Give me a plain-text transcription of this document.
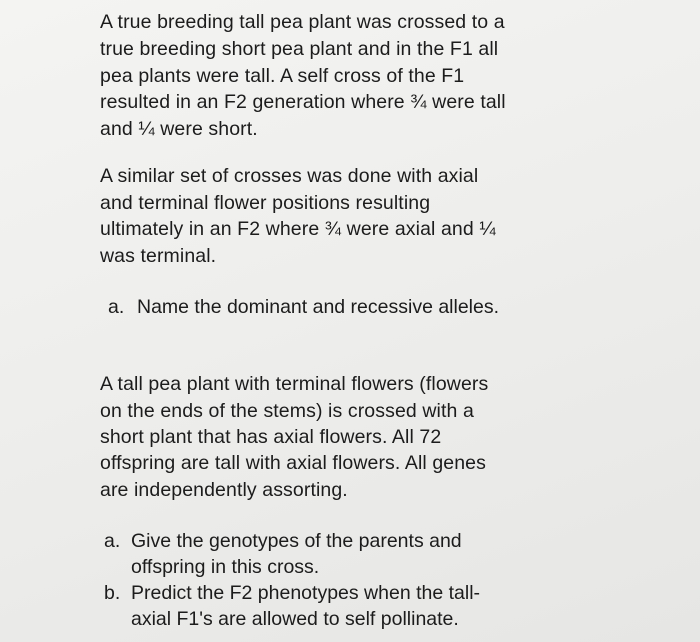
A true breeding tall pea plant was crossed to a
true breeding short pea plant and in the F1 all
pea plants were tall. A self cross of the F1
resulted in an F2 generation where ¾ were tall
and ¼ were short.
A similar set of crosses was done with axial
and terminal flower positions resulting
ultimately in an F2 where ¾ were axial and ¼
was terminal.
a. Name the dominant and recessive alleles.
A tall pea plant with terminal flowers (flowers
on the ends of the stems) is crossed with a
short plant that has axial flowers. All 72
offspring are tall with axial flowers. All genes
are independently assorting.
a. Give the genotypes of the parents and
offspring in this cross.
b. Predict the F2 phenotypes when the tall-
axial F1's are allowed to self pollinate.
